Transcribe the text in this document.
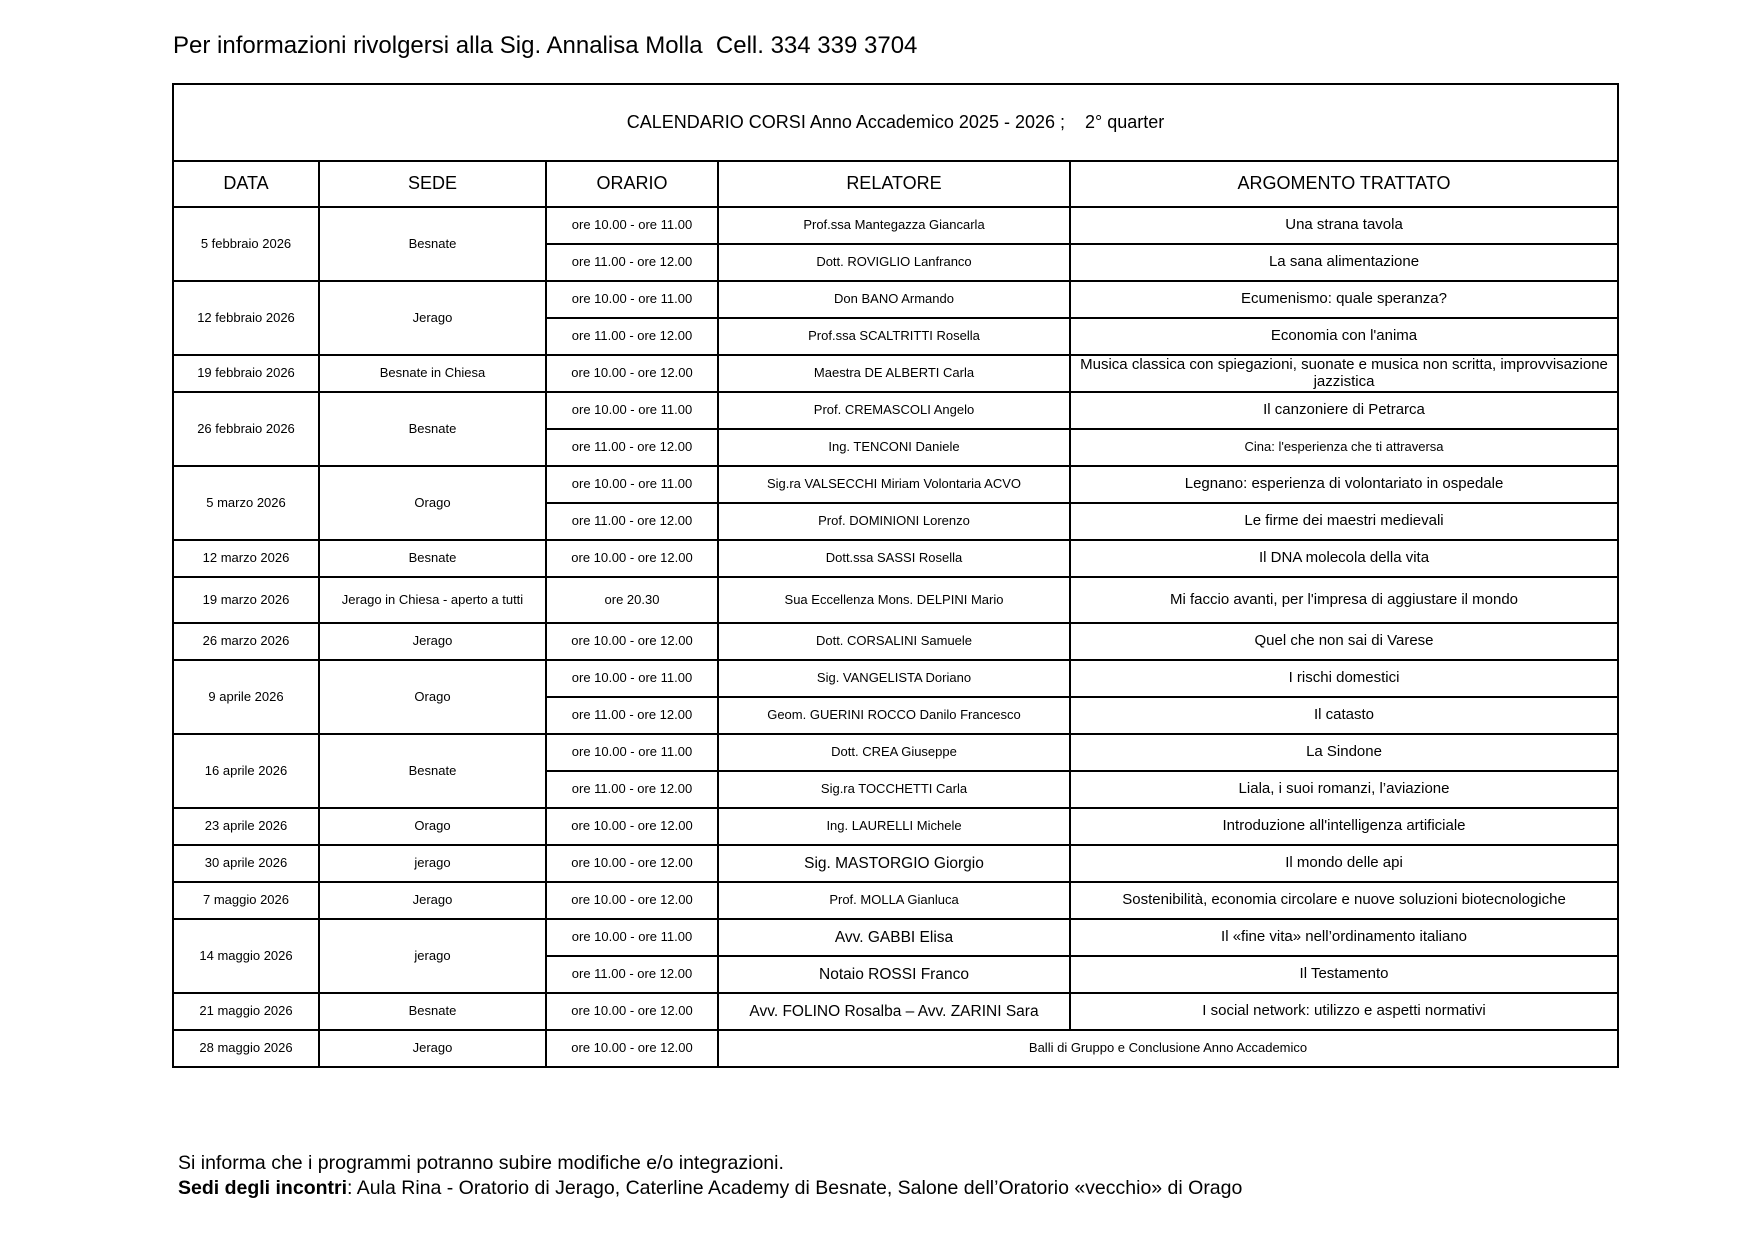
Per informazioni rivolgersi alla Sig. Annalisa Molla  Cell. 334 339 3704
CALENDARIO CORSI Anno Accademico 2025 - 2026 ;    2° quarter				
DATA	SEDE	ORARIO	RELATORE	ARGOMENTO TRATTATO
5 febbraio 2026	Besnate	ore 10.00 - ore 11.00	Prof.ssa Mantegazza Giancarla	Una strana tavola
		ore 11.00 - ore 12.00	Dott. ROVIGLIO Lanfranco	La sana alimentazione
12 febbraio 2026	Jerago	ore 10.00 - ore 11.00	Don BANO Armando	Ecumenismo: quale speranza?
		ore 11.00 - ore 12.00	Prof.ssa SCALTRITTI Rosella	Economia con l'anima
19 febbraio 2026	Besnate in Chiesa	ore 10.00 - ore 12.00	Maestra DE ALBERTI Carla	Musica classica con spiegazioni, suonate e musica non scritta, improvvisazione jazzistica
26 febbraio 2026	Besnate	ore 10.00 - ore 11.00	Prof. CREMASCOLI Angelo	Il canzoniere di Petrarca
		ore 11.00 - ore 12.00	Ing. TENCONI Daniele	Cina: l'esperienza che ti attraversa
5 marzo 2026	Orago	ore 10.00 - ore 11.00	Sig.ra VALSECCHI Miriam Volontaria ACVO	Legnano: esperienza di volontariato in ospedale
		ore 11.00 - ore 12.00	Prof. DOMINIONI Lorenzo	Le firme dei maestri medievali
12 marzo 2026	Besnate	ore 10.00 - ore 12.00	Dott.ssa SASSI Rosella	Il DNA molecola della vita
19 marzo 2026	Jerago in Chiesa - aperto a tutti	ore 20.30	Sua Eccellenza Mons. DELPINI Mario	Mi faccio avanti, per l'impresa di aggiustare il mondo
26 marzo 2026	Jerago	ore 10.00 - ore 12.00	Dott. CORSALINI Samuele	Quel che non sai di Varese
9 aprile 2026	Orago	ore 10.00 - ore 11.00	Sig. VANGELISTA Doriano	I rischi domestici
		ore 11.00 - ore 12.00	Geom. GUERINI ROCCO Danilo Francesco	Il catasto
16 aprile 2026	Besnate	ore 10.00 - ore 11.00	Dott. CREA Giuseppe	La Sindone
		ore 11.00 - ore 12.00	Sig.ra TOCCHETTI Carla	Liala, i suoi romanzi, l’aviazione
23 aprile 2026	Orago	ore 10.00 - ore 12.00	Ing. LAURELLI Michele	Introduzione all'intelligenza artificiale
30 aprile 2026	jerago	ore 10.00 - ore 12.00	Sig. MASTORGIO Giorgio	Il mondo delle api
7 maggio 2026	Jerago	ore 10.00 - ore 12.00	Prof. MOLLA Gianluca	Sostenibilità, economia circolare e nuove soluzioni biotecnologiche
14 maggio 2026	jerago	ore 10.00 - ore 11.00	Avv. GABBI Elisa	Il «fine vita» nell’ordinamento italiano
		ore 11.00 - ore 12.00	Notaio ROSSI Franco	Il Testamento
21 maggio 2026	Besnate	ore 10.00 - ore 12.00	Avv. FOLINO Rosalba – Avv. ZARINI Sara	I social network: utilizzo e aspetti normativi
28 maggio 2026	Jerago	ore 10.00 - ore 12.00	Balli di Gruppo e Conclusione Anno Accademico	
Si informa che i programmi potranno subire modifiche e/o integrazioni.
Sedi degli incontri: Aula Rina - Oratorio di Jerago, Caterline Academy di Besnate, Salone dell’Oratorio «vecchio» di Orago
